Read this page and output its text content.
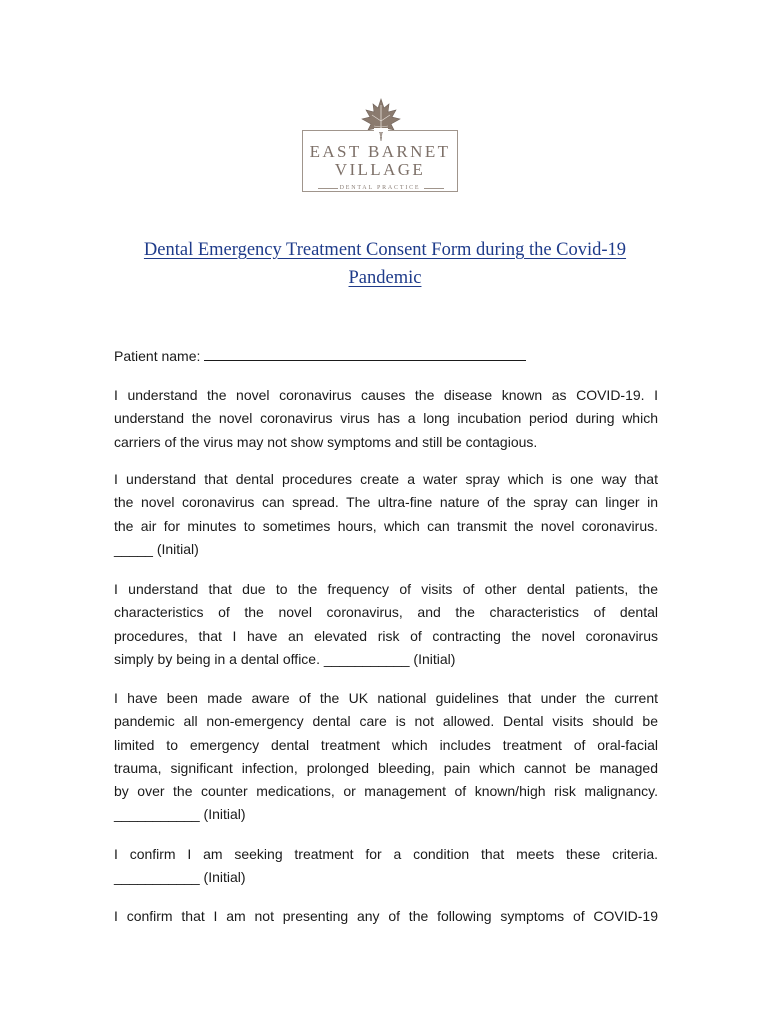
EAST BARNET
VILLAGE
DENTAL PRACTICE
Dental Emergency Treatment Consent Form during the Covid-19
Pandemic
Patient name:
I understand the novel coronavirus causes the disease known as COVID-19. I
understand the novel coronavirus virus has a long incubation period during which
carriers of the virus may not show symptoms and still be contagious.
I understand that dental procedures create a water spray which is one way that
the novel coronavirus can spread. The ultra-fine nature of the spray can linger in
the air for minutes to sometimes hours, which can transmit the novel coronavirus.
_____ (Initial)
I understand that due to the frequency of visits of other dental patients, the
characteristics of the novel coronavirus, and the characteristics of dental
procedures, that I have an elevated risk of contracting the novel coronavirus
simply by being in a dental office. ___________ (Initial)
I have been made aware of the UK national guidelines that under the current
pandemic all non-emergency dental care is not allowed. Dental visits should be
limited to emergency dental treatment which includes treatment of oral-facial
trauma, significant infection, prolonged bleeding, pain which cannot be managed
by over the counter medications, or management of known/high risk malignancy.
___________ (Initial)
I confirm I am seeking treatment for a condition that meets these criteria.
___________ (Initial)
I confirm that I am not presenting any of the following symptoms of COVID-19
